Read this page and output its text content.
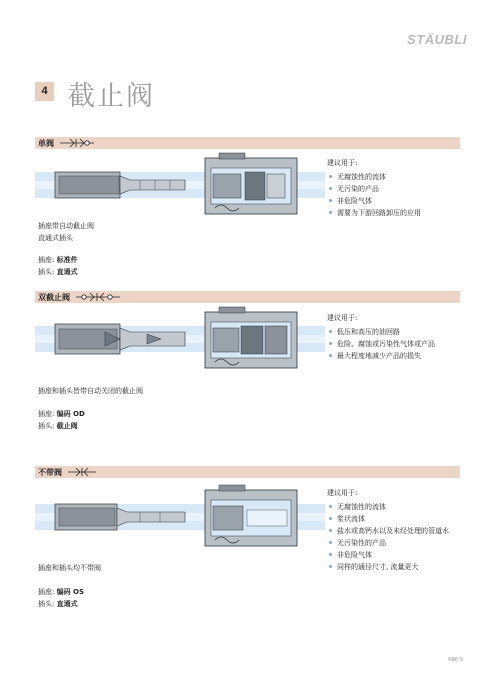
STÄUBLI
4 截止阀
单阀
建议用于:
无腐蚀性的流体
无污染的产品
非危险气体
需要为下游回路卸压的应用
插座带自动截止阀
直通式插头
插座: 标准件
插头: 直通式
双截止阀
建议用于:
低压和高压的油回路
危险、腐蚀或污染性气体或产品
最大程度地减少产品的损失
插座和插头皆带自动关闭的截止阀
插座: 编码 OD
插头: 截止阀
不带阀
建议用于:
无腐蚀性的流体
浆状流体
盐水或高钙水以及未经处理的管道水
无污染性的产品
非危险气体
同样的通径尺寸, 流量更大
插座和插头均不带阀
插座: 编码 OS
插头: 直通式
RBE 9
